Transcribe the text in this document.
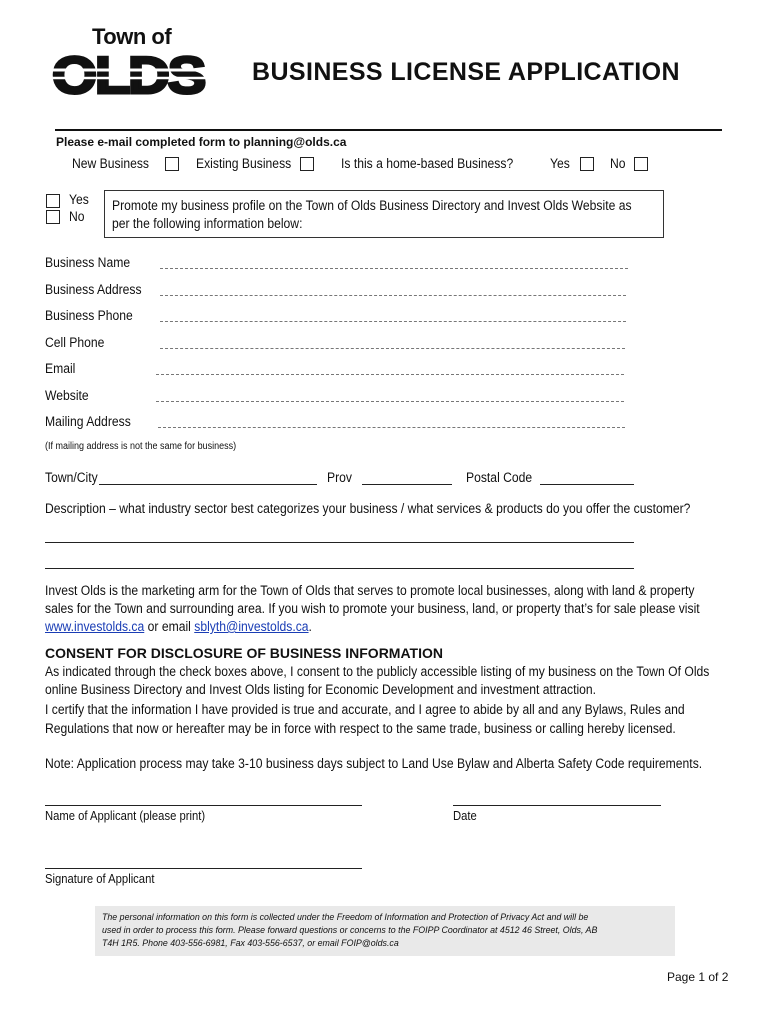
Town of
OLDS BUSINESS LICENSE APPLICATION
Please e-mail completed form to planning@olds.ca
New Business	Existing Business	Is this a home-based Business?	Yes	No
Yes
No
Promote my business profile on the Town of Olds Business Directory and Invest Olds Website as
per the following information below:
Business Name
Business Address
Business Phone
Cell Phone
Email
Website
Mailing Address
(If mailing address is not the same for business)
Town/City	Prov	Postal Code
Description – what industry sector best categorizes your business / what services & products do you offer the customer?
Invest Olds is the marketing arm for the Town of Olds that serves to promote local businesses, along with land & property
sales for the Town and surrounding area. If you wish to promote your business, land, or property that’s for sale please visit
www.investolds.ca or email sblyth@investolds.ca.
CONSENT FOR DISCLOSURE OF BUSINESS INFORMATION
As indicated through the check boxes above, I consent to the publicly accessible listing of my business on the Town Of Olds
online Business Directory and Invest Olds listing for Economic Development and investment attraction.
I certify that the information I have provided is true and accurate, and I agree to abide by all and any Bylaws, Rules and
Regulations that now or hereafter may be in force with respect to the same trade, business or calling hereby licensed.
Note: Application process may take 3-10 business days subject to Land Use Bylaw and Alberta Safety Code requirements.
Name of Applicant (please print)	Date
Signature of Applicant
The personal information on this form is collected under the Freedom of Information and Protection of Privacy Act and will be
used in order to process this form. Please forward questions or concerns to the FOIPP Coordinator at 4512 46 Street, Olds, AB
T4H 1R5. Phone 403-556-6981, Fax 403-556-6537, or email FOIP@olds.ca
Page 1 of 2
